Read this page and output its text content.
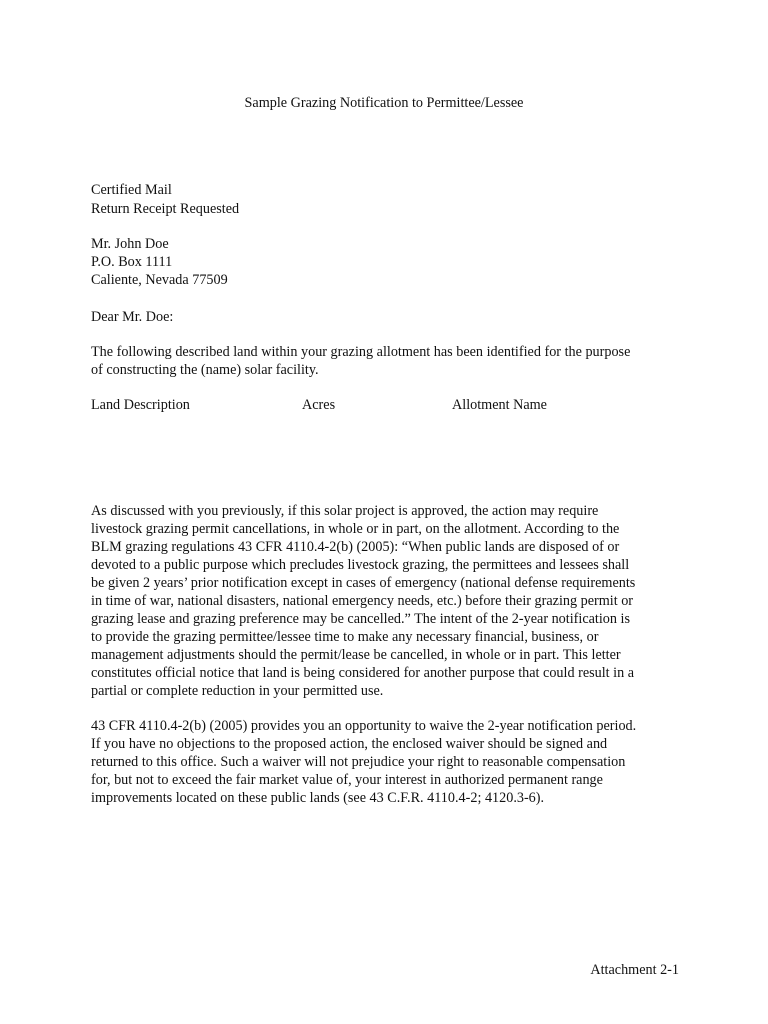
Sample Grazing Notification to Permittee/Lessee
Certified Mail
Return Receipt Requested
Mr. John Doe
P.O. Box 1111
Caliente, Nevada 77509
Dear Mr. Doe:
The following described land within your grazing allotment has been identified for the purpose
of constructing the (name) solar facility.
Land Description	Acres	Allotment Name
As discussed with you previously, if this solar project is approved, the action may require
livestock grazing permit cancellations, in whole or in part, on the allotment. According to the
BLM grazing regulations 43 CFR 4110.4-2(b) (2005): “When public lands are disposed of or
devoted to a public purpose which precludes livestock grazing, the permittees and lessees shall
be given 2 years’ prior notification except in cases of emergency (national defense requirements
in time of war, national disasters, national emergency needs, etc.) before their grazing permit or
grazing lease and grazing preference may be cancelled.” The intent of the 2-year notification is
to provide the grazing permittee/lessee time to make any necessary financial, business, or
management adjustments should the permit/lease be cancelled, in whole or in part. This letter
constitutes official notice that land is being considered for another purpose that could result in a
partial or complete reduction in your permitted use.
43 CFR 4110.4-2(b) (2005) provides you an opportunity to waive the 2-year notification period.
If you have no objections to the proposed action, the enclosed waiver should be signed and
returned to this office. Such a waiver will not prejudice your right to reasonable compensation
for, but not to exceed the fair market value of, your interest in authorized permanent range
improvements located on these public lands (see 43 C.F.R. 4110.4-2; 4120.3-6).
Attachment 2-1
